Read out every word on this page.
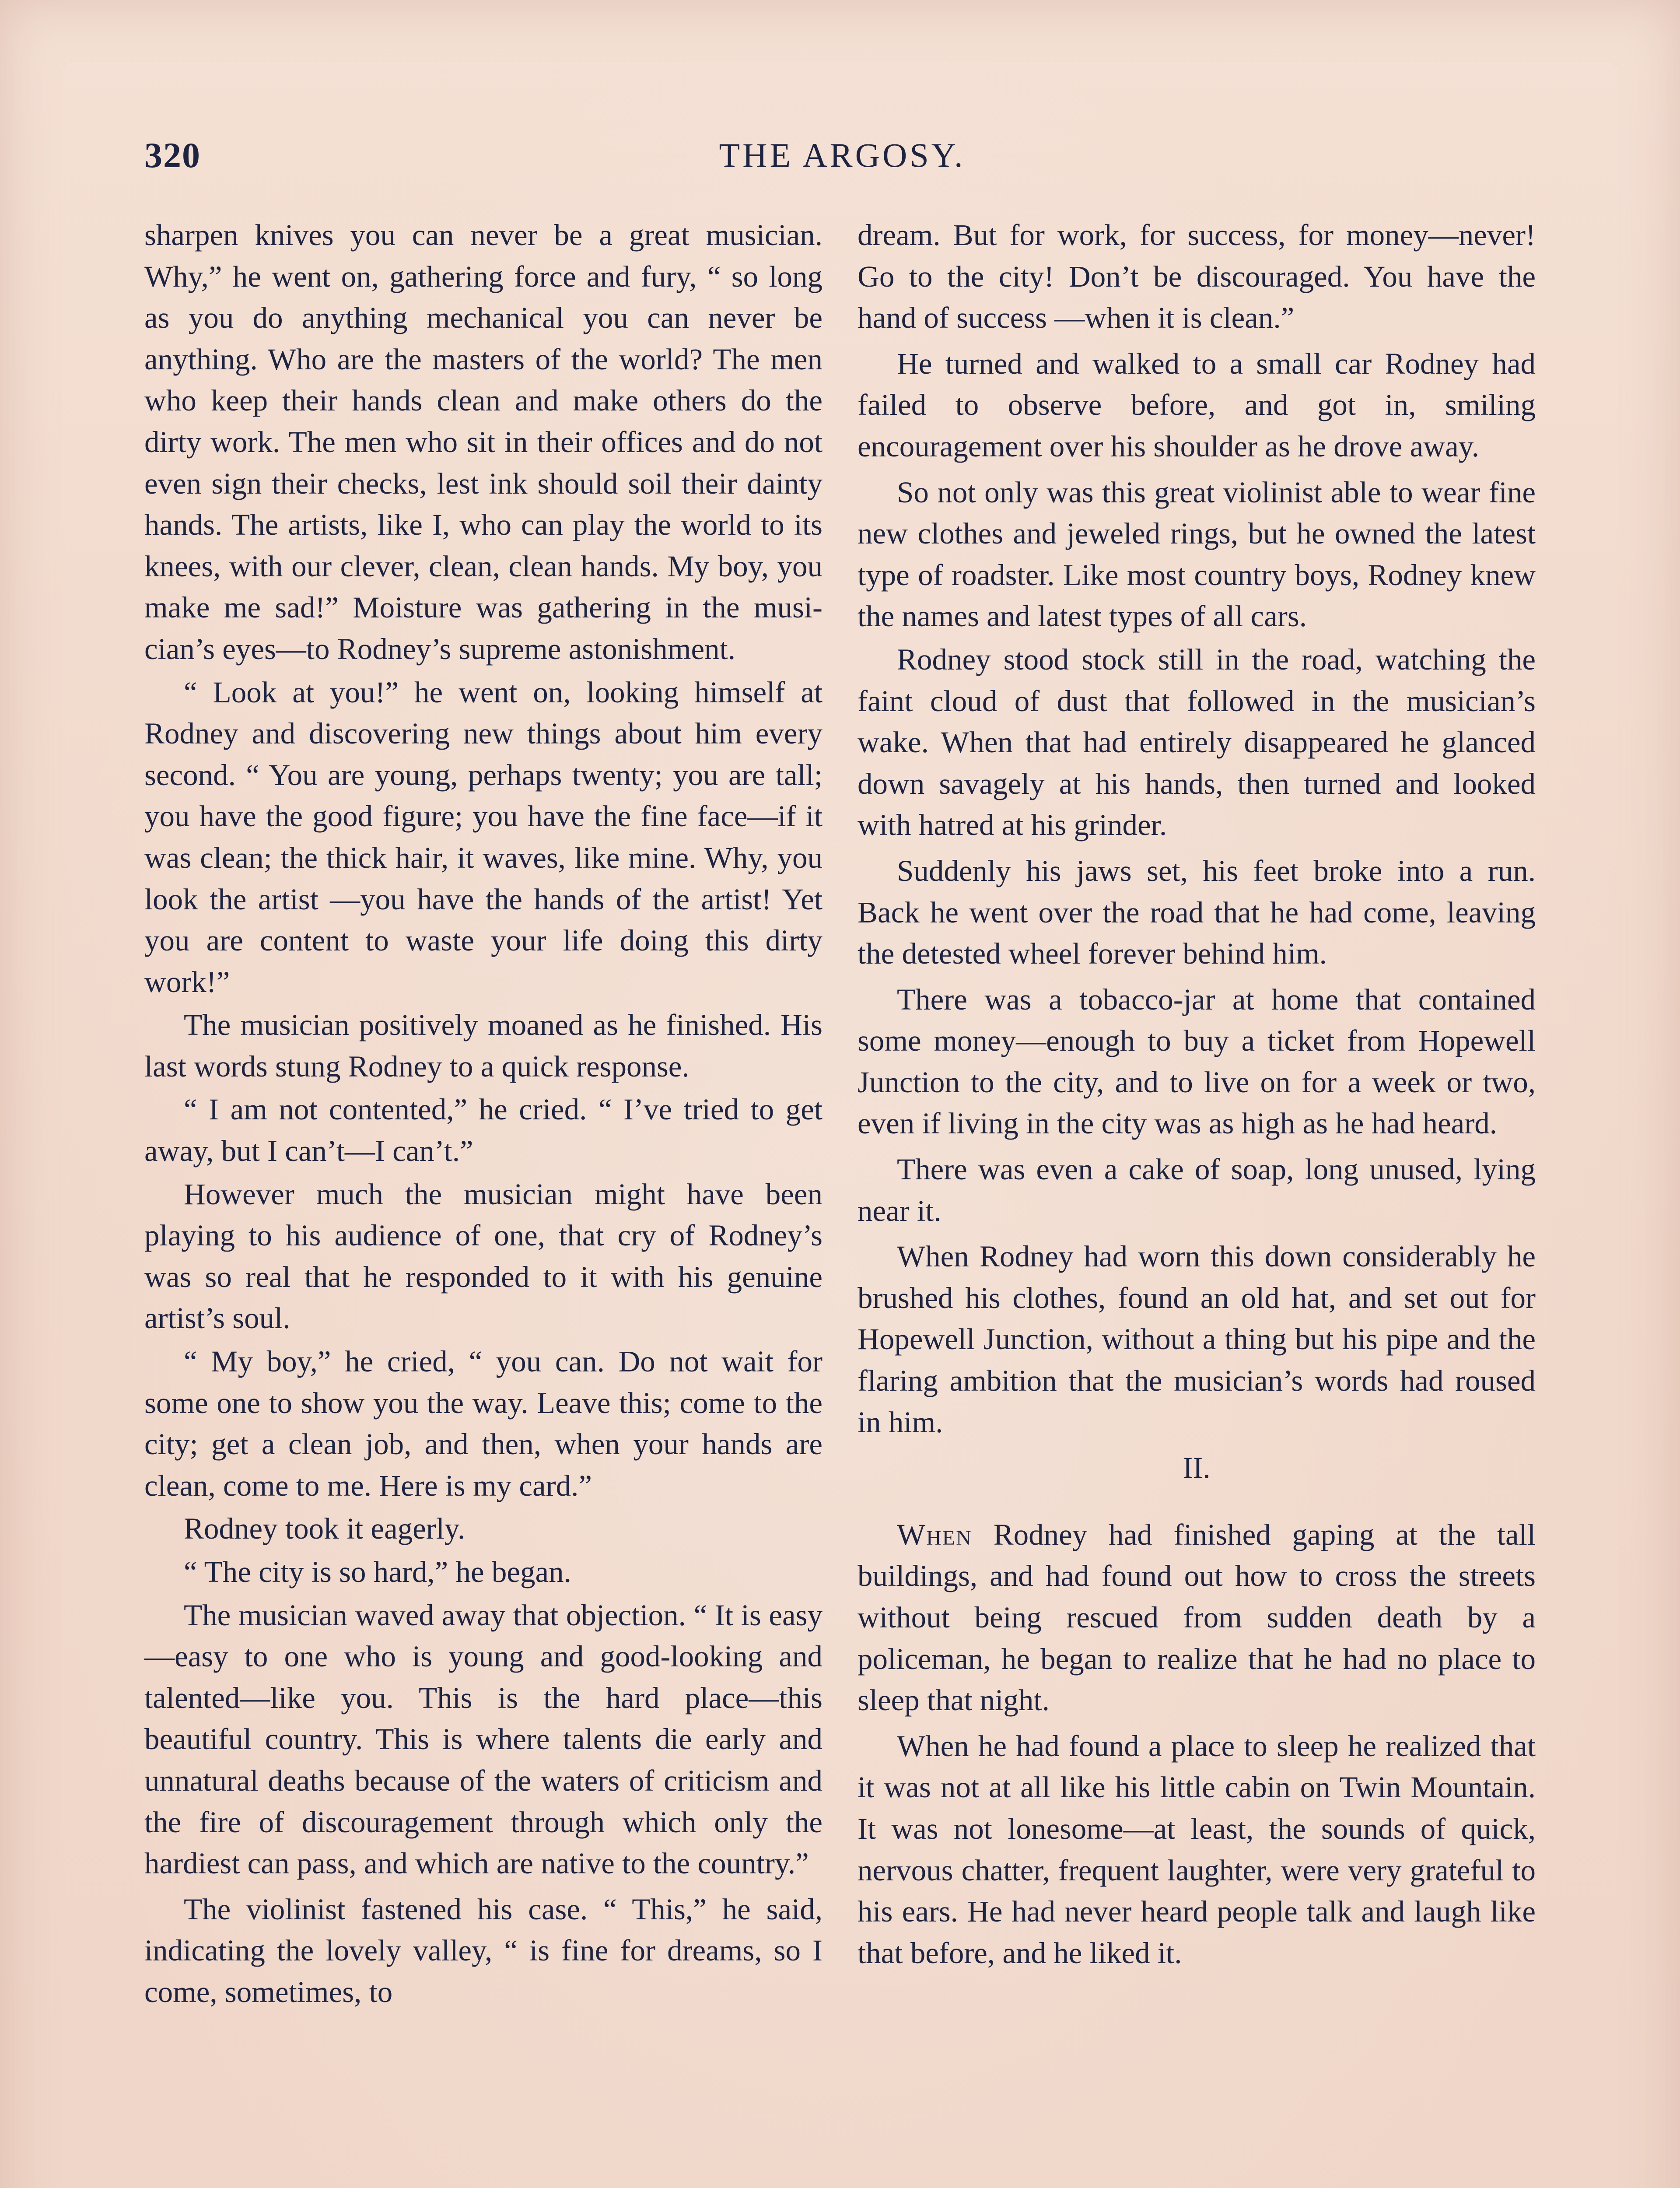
320	THE ARGOSY.

sharpen knives you can never be a great musician. Why,” he went on, gathering force and fury, “ so long as you do anything mechanical you can never be anything. Who are the masters of the world? The men who keep their hands clean and make others do the dirty work. The men who sit in their offices and do not even sign their checks, lest ink should soil their dainty hands. The artists, like I, who can play the world to its knees, with our clever, clean, clean hands. My boy, you make me sad!” Moisture was gathering in the musician’s eyes—to Rodney’s supreme astonishment.

“ Look at you!” he went on, looking himself at Rodney and discovering new things about him every second. “ You are young, perhaps twenty; you are tall; you have the good figure; you have the fine face—if it was clean; the thick hair, it waves, like mine. Why, you look the artist —you have the hands of the artist! Yet you are content to waste your life doing this dirty work!”

The musician positively moaned as he finished. His last words stung Rodney to a quick response.

“ I am not contented,” he cried. “ I’ve tried to get away, but I can’t—I can’t.”

However much the musician might have been playing to his audience of one, that cry of Rodney’s was so real that he responded to it with his genuine artist’s soul.

“ My boy,” he cried, “ you can. Do not wait for some one to show you the way. Leave this; come to the city; get a clean job, and then, when your hands are clean, come to me. Here is my card.”

Rodney took it eagerly.

“ The city is so hard,” he began.

The musician waved away that objection. “ It is easy—easy to one who is young and good-looking and talented—like you. This is the hard place—this beautiful country. This is where talents die early and unnatural deaths because of the waters of criticism and the fire of discouragement through which only the hardiest can pass, and which are native to the country.”

The violinist fastened his case. “ This,” he said, indicating the lovely valley, “ is fine for dreams, so I come, sometimes, to

dream. But for work, for success, for money—never! Go to the city! Don’t be discouraged. You have the hand of success —when it is clean.”

He turned and walked to a small car Rodney had failed to observe before, and got in, smiling encouragement over his shoulder as he drove away.

So not only was this great violinist able to wear fine new clothes and jeweled rings, but he owned the latest type of roadster. Like most country boys, Rodney knew the names and latest types of all cars.

Rodney stood stock still in the road, watching the faint cloud of dust that followed in the musician’s wake. When that had entirely disappeared he glanced down savagely at his hands, then turned and looked with hatred at his grinder.

Suddenly his jaws set, his feet broke into a run. Back he went over the road that he had come, leaving the detested wheel forever behind him.

There was a tobacco-jar at home that contained some money—enough to buy a ticket from Hopewell Junction to the city, and to live on for a week or two, even if living in the city was as high as he had heard.

There was even a cake of soap, long unused, lying near it.

When Rodney had worn this down considerably he brushed his clothes, found an old hat, and set out for Hopewell Junction, without a thing but his pipe and the flaring ambition that the musician’s words had roused in him.

II.

When Rodney had finished gaping at the tall buildings, and had found out how to cross the streets without being rescued from sudden death by a policeman, he began to realize that he had no place to sleep that night.

When he had found a place to sleep he realized that it was not at all like his little cabin on Twin Mountain. It was not lonesome—at least, the sounds of quick, nervous chatter, frequent laughter, were very grateful to his ears. He had never heard people talk and laugh like that before, and he liked it.
